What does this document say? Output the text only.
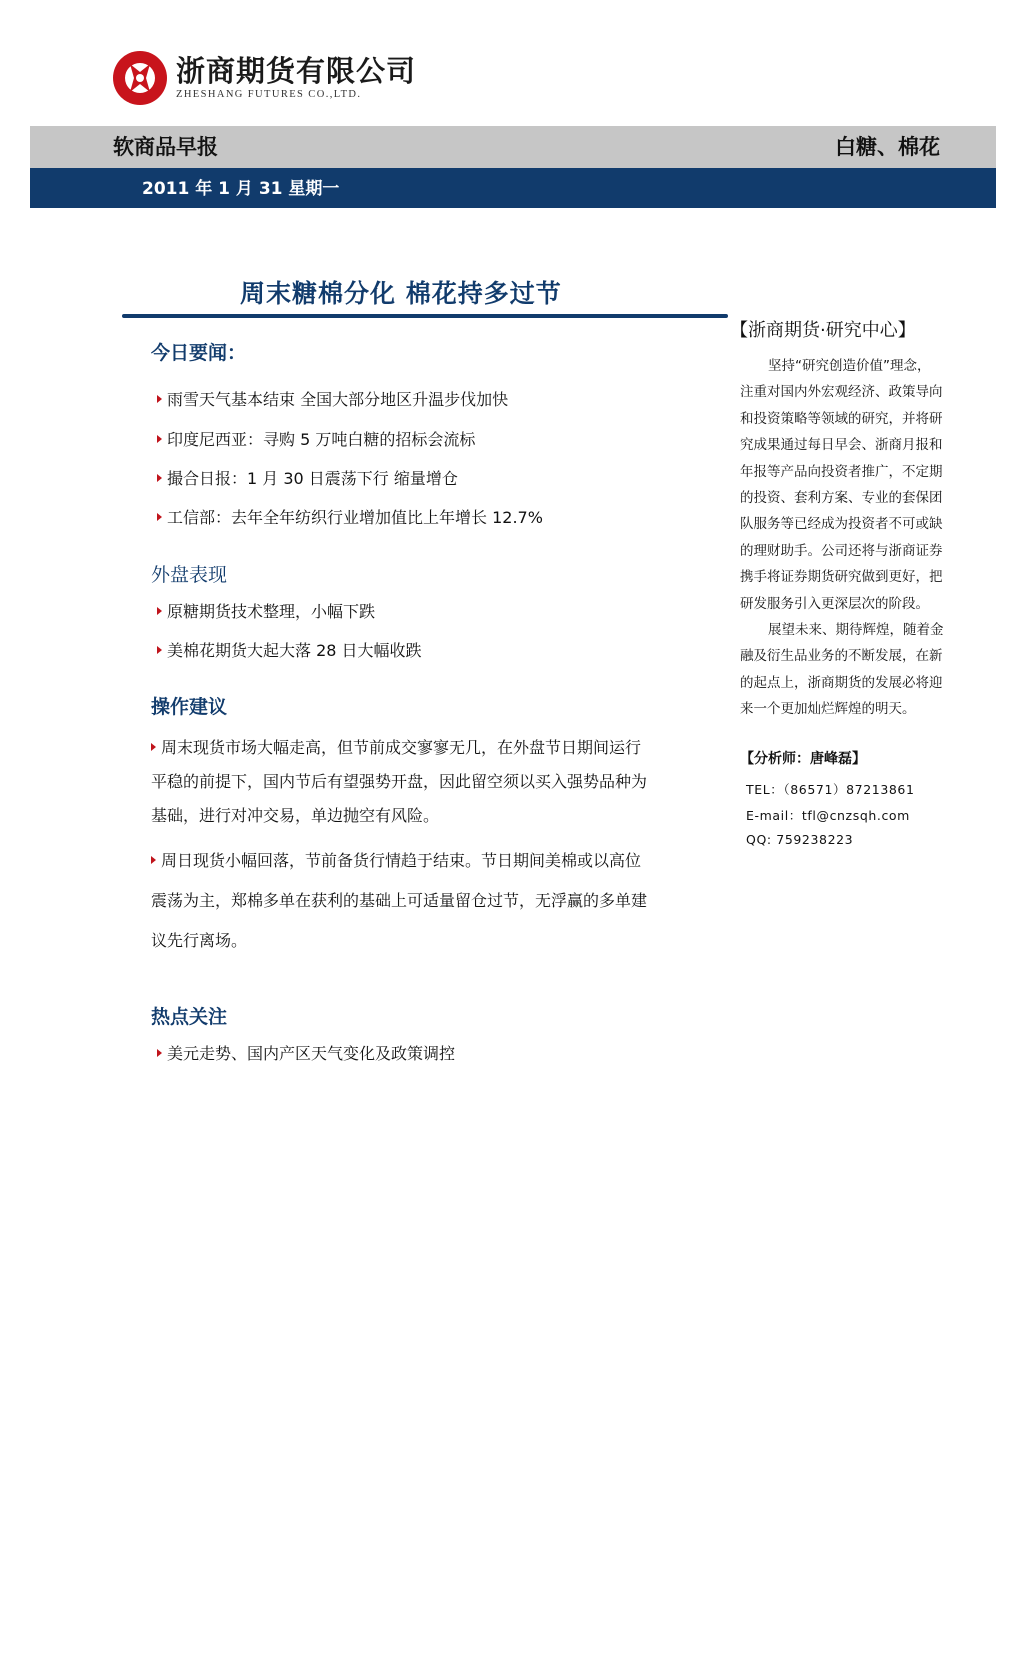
浙商期货有限公司
ZHESHANG FUTURES CO.,LTD.
软商品早报	白糖、棉花
2011 年 1 月 31 星期一
周末糖棉分化 棉花持多过节
今日要闻：
雨雪天气基本结束 全国大部分地区升温步伐加快
印度尼西亚：寻购 5 万吨白糖的招标会流标
撮合日报：1 月 30 日震荡下行 缩量增仓
工信部：去年全年纺织行业增加值比上年增长 12.7%
外盘表现
原糖期货技术整理，小幅下跌
美棉花期货大起大落 28 日大幅收跌
操作建议
周末现货市场大幅走高，但节前成交寥寥无几，在外盘节日期间运行
平稳的前提下，国内节后有望强势开盘，因此留空须以买入强势品种为
基础，进行对冲交易，单边抛空有风险。
周日现货小幅回落，节前备货行情趋于结束。节日期间美棉或以高位
震荡为主，郑棉多单在获利的基础上可适量留仓过节，无浮赢的多单建
议先行离场。
热点关注
美元走势、国内产区天气变化及政策调控
【浙商期货·研究中心】
坚持“研究创造价值”理念，
注重对国内外宏观经济、政策导向
和投资策略等领域的研究，并将研
究成果通过每日早会、浙商月报和
年报等产品向投资者推广，不定期
的投资、套利方案、专业的套保团
队服务等已经成为投资者不可或缺
的理财助手。公司还将与浙商证券
携手将证券期货研究做到更好，把
研发服务引入更深层次的阶段。
展望未来、期待辉煌，随着金
融及衍生品业务的不断发展，在新
的起点上，浙商期货的发展必将迎
来一个更加灿烂辉煌的明天。
【分析师：唐峰磊】
TEL：（86571）87213861
E-mail：tfl@cnzsqh.com
QQ: 759238223
